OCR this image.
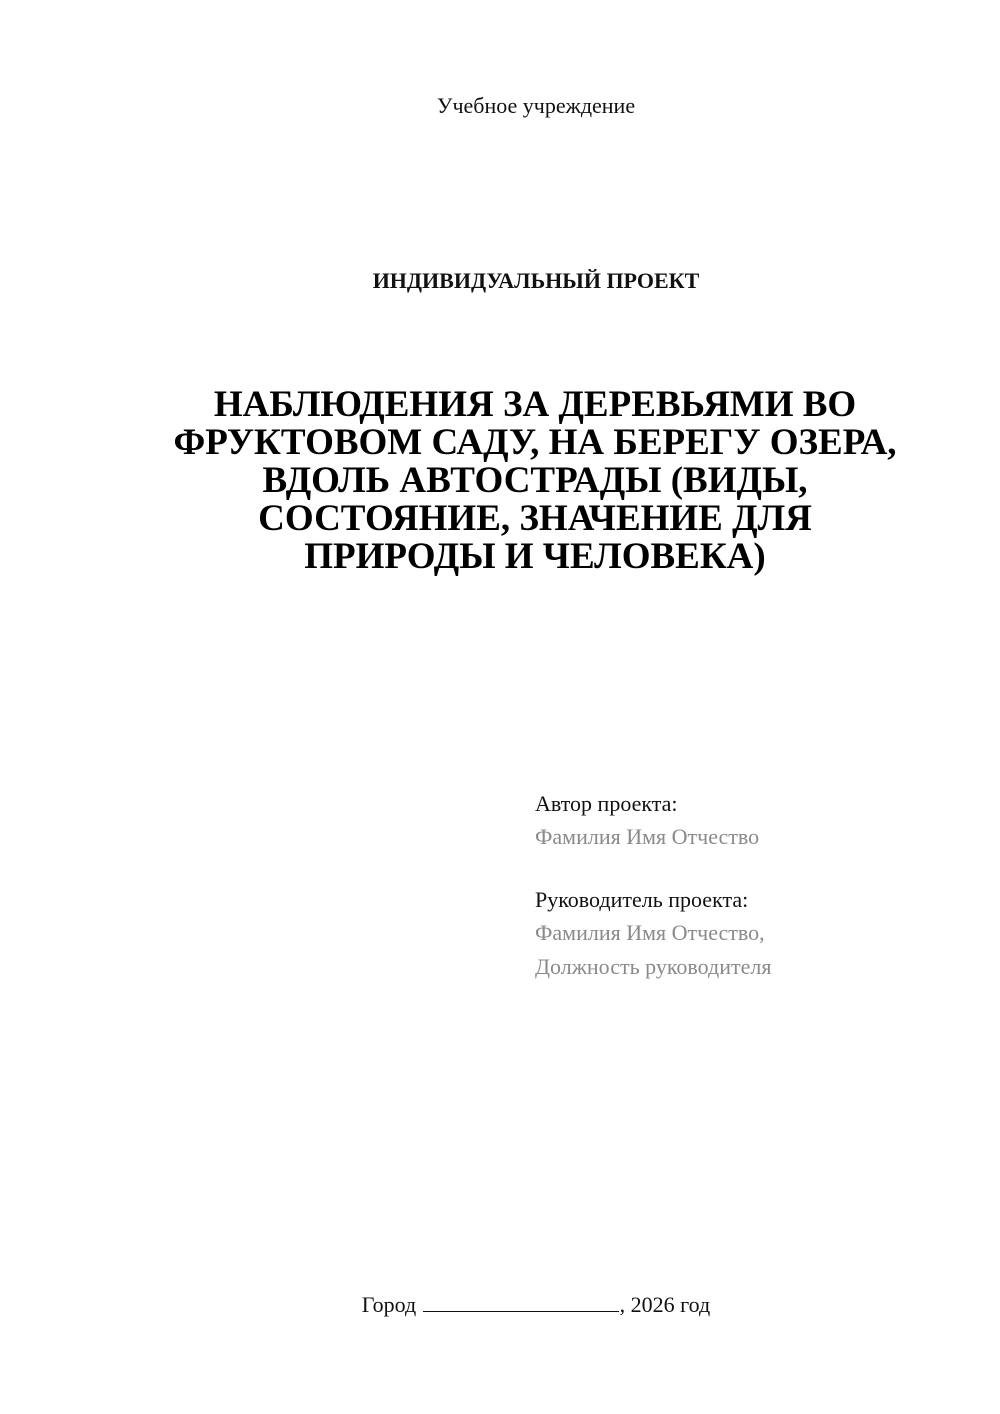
Учебное учреждение
ИНДИВИДУАЛЬНЫЙ ПРОЕКТ
НАБЛЮДЕНИЯ ЗА ДЕРЕВЬЯМИ ВО
ФРУКТОВОМ САДУ, НА БЕРЕГУ ОЗЕРА,
ВДОЛЬ АВТОСТРАДЫ (ВИДЫ,
СОСТОЯНИЕ, ЗНАЧЕНИЕ ДЛЯ
ПРИРОДЫ И ЧЕЛОВЕКА)
Автор проекта:
Фамилия Имя Отчество
Руководитель проекта:
Фамилия Имя Отчество,
Должность руководителя
Город	, 2026 год
